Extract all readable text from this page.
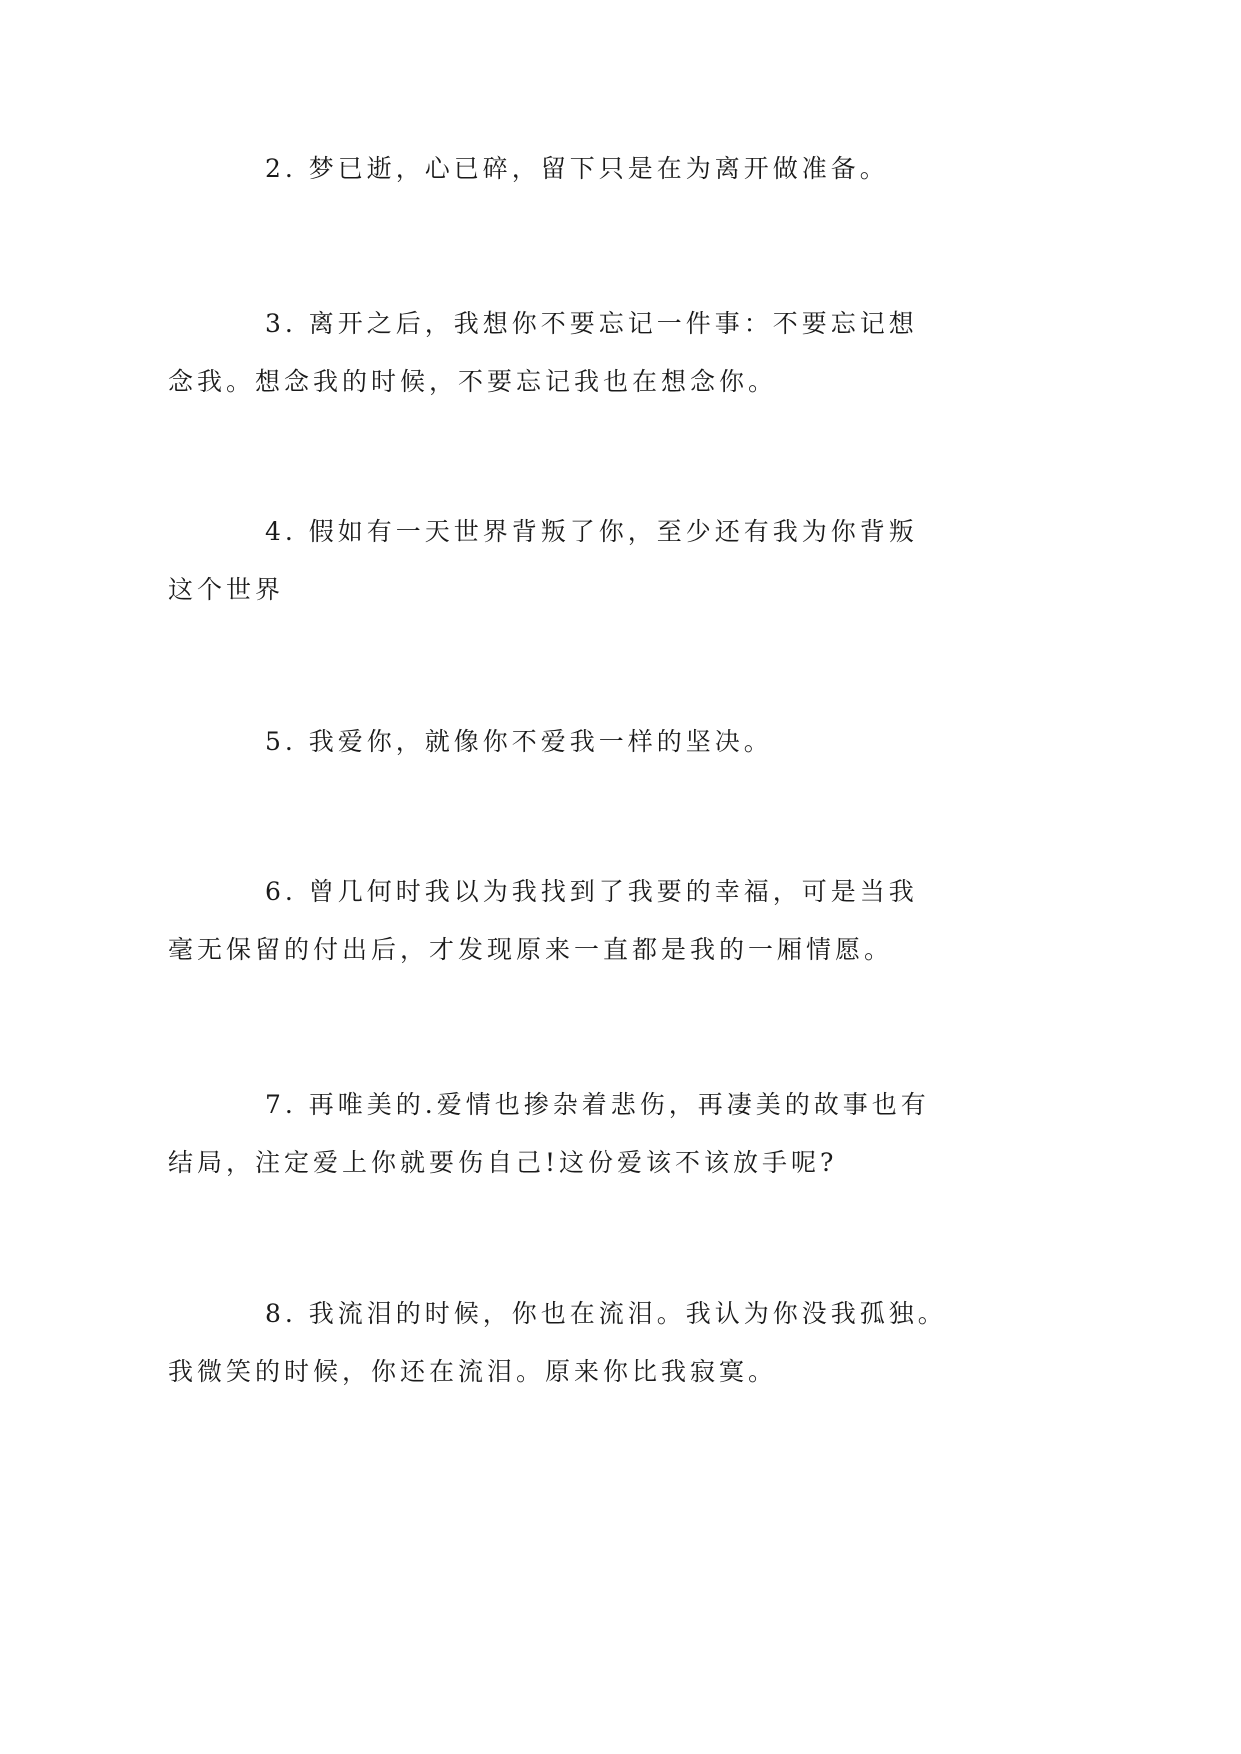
2. 梦已逝，心已碎，留下只是在为离开做准备。
3. 离开之后，我想你不要忘记一件事：不要忘记想
念我。想念我的时候，不要忘记我也在想念你。
4. 假如有一天世界背叛了你，至少还有我为你背叛
这个世界
5. 我爱你，就像你不爱我一样的坚决。
6. 曾几何时我以为我找到了我要的幸福，可是当我
毫无保留的付出后，才发现原来一直都是我的一厢情愿。
7. 再唯美的.爱情也掺杂着悲伤，再凄美的故事也有
结局，注定爱上你就要伤自己!这份爱该不该放手呢?
8. 我流泪的时候，你也在流泪。我认为你没我孤独。
我微笑的时候，你还在流泪。原来你比我寂寞。
